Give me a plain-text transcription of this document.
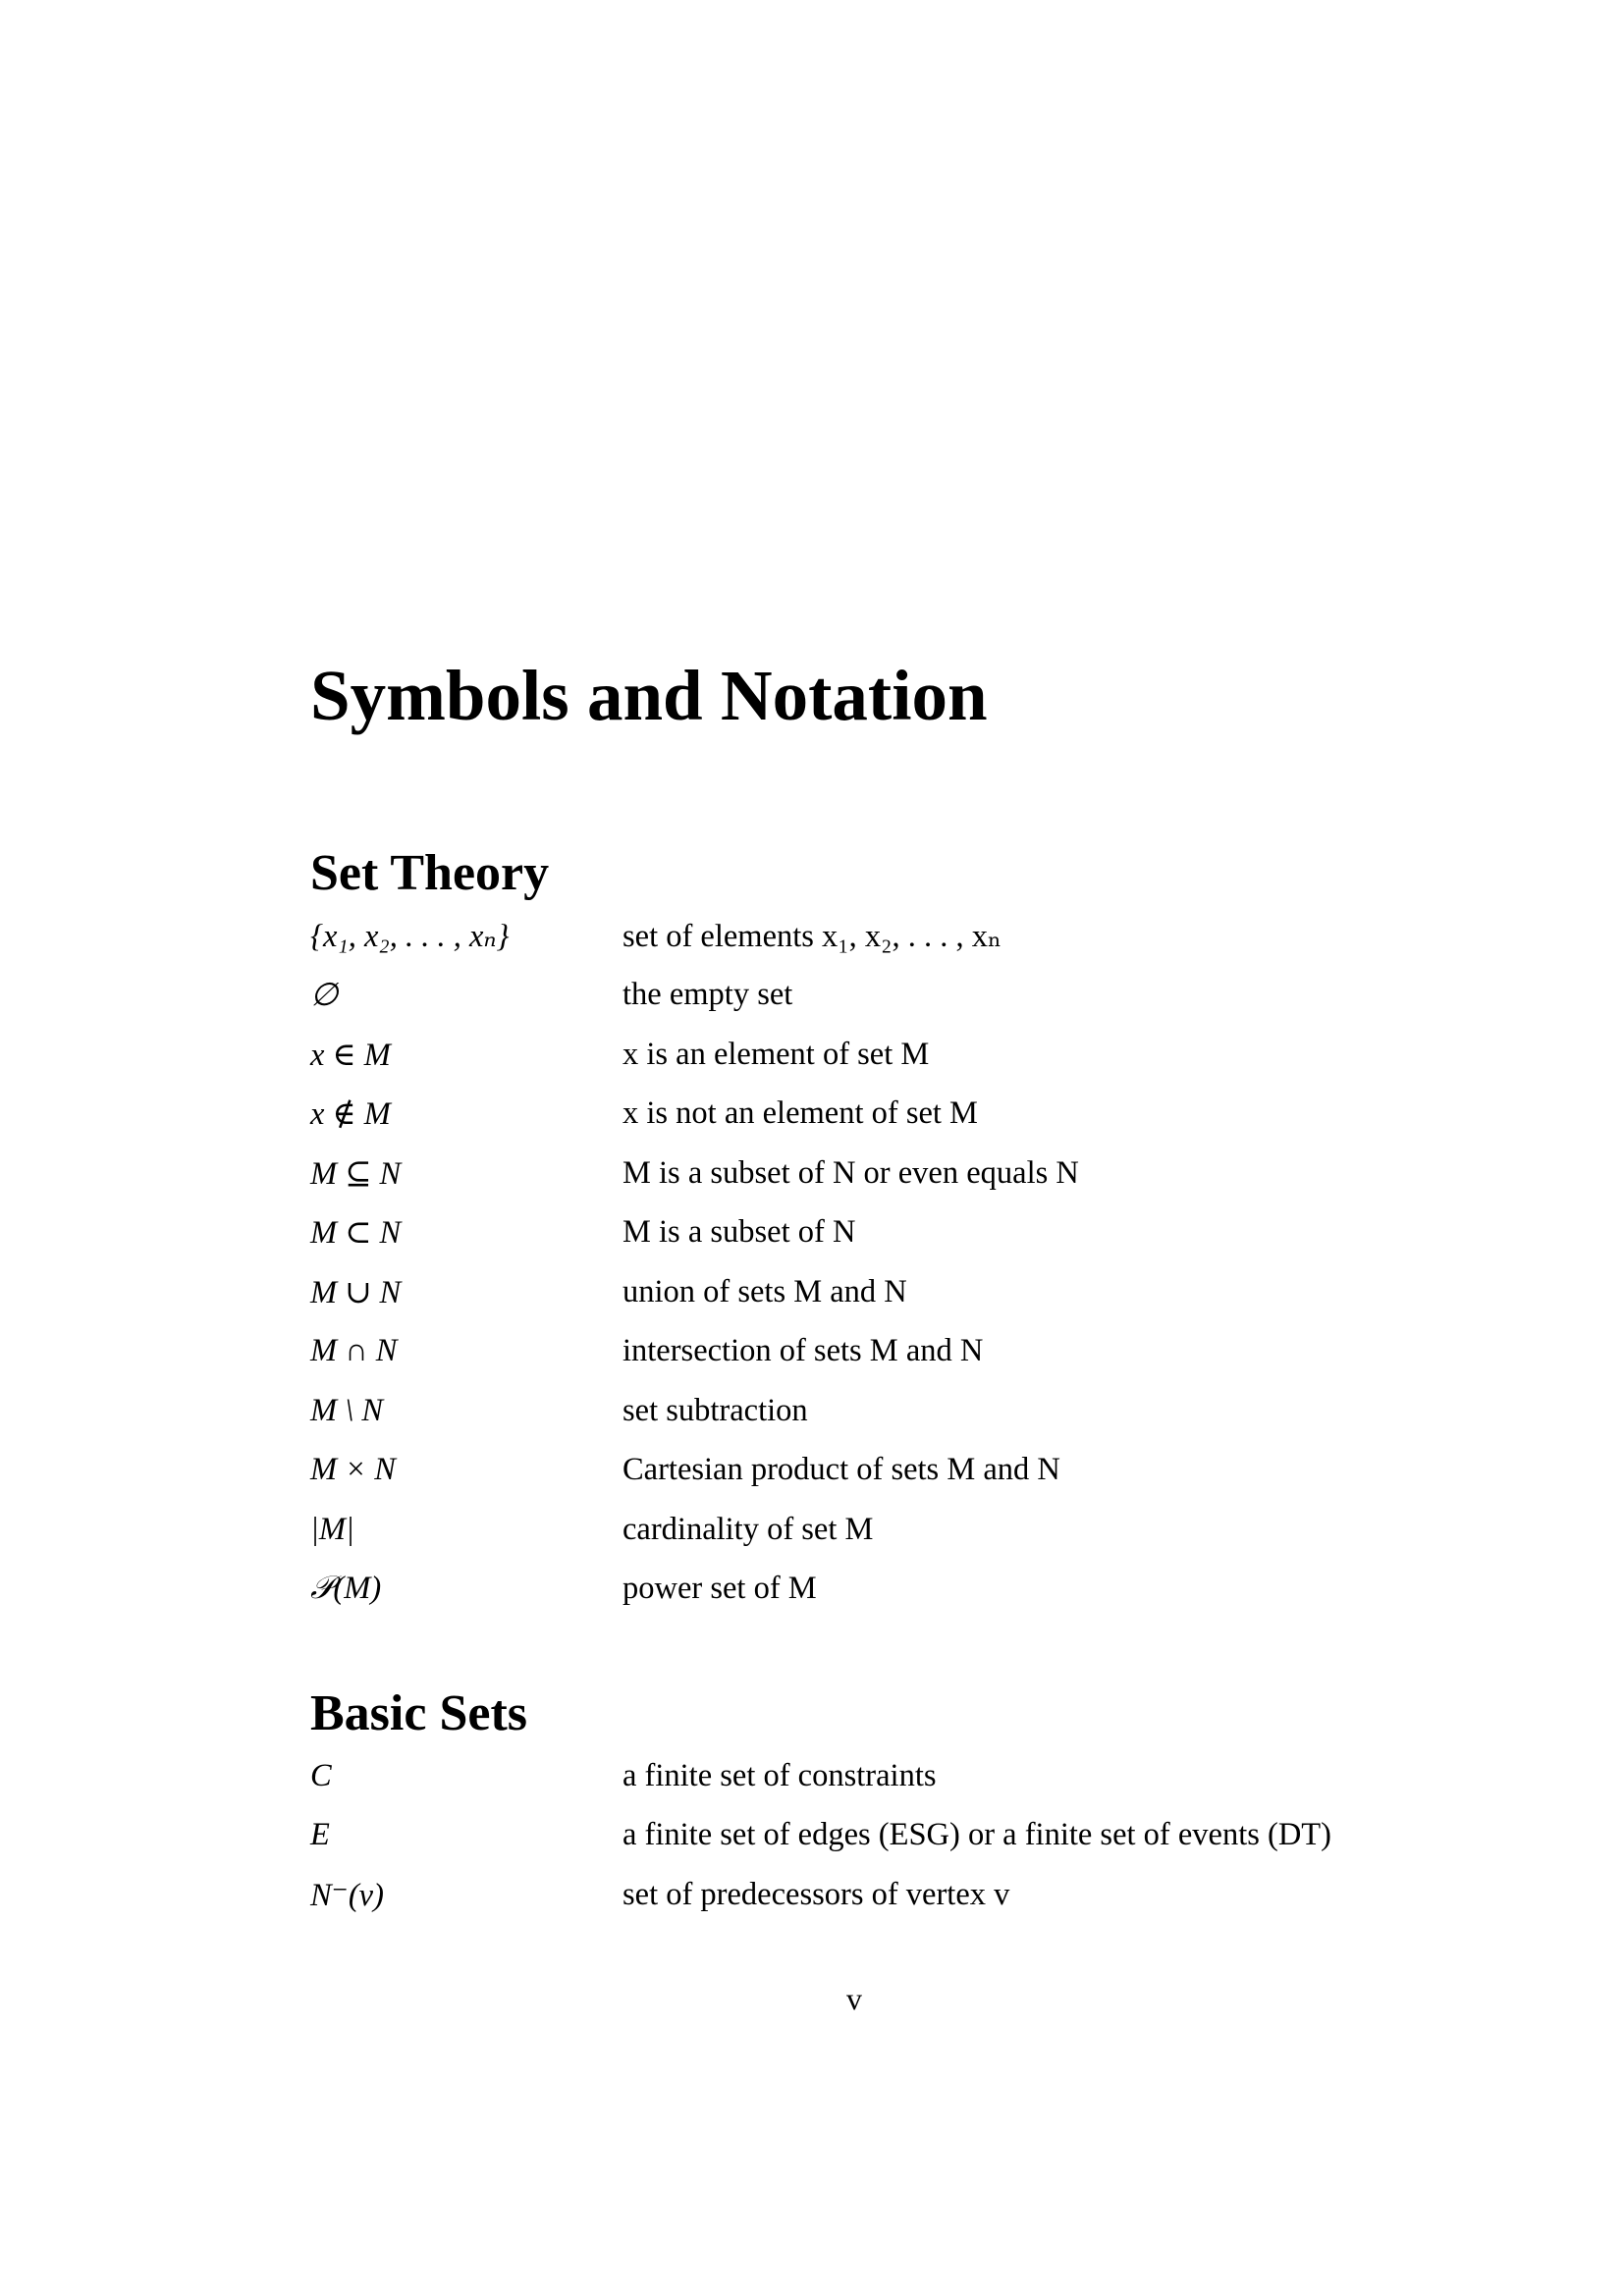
Symbols and Notation
Set Theory
{x₁, x₂, . . . , xₙ}	set of elements x₁, x₂, . . . , xₙ
∅	the empty set
x ∈ M	x is an element of set M
x ∉ M	x is not an element of set M
M ⊆ N	M is a subset of N or even equals N
M ⊂ N	M is a subset of N
M ∪ N	union of sets M and N
M ∩ N	intersection of sets M and N
M \ N	set subtraction
M × N	Cartesian product of sets M and N
|M|	cardinality of set M
𝒫(M)	power set of M
Basic Sets
C	a finite set of constraints
E	a finite set of edges (ESG) or a finite set of events (DT)
N⁻(v)	set of predecessors of vertex v

v
